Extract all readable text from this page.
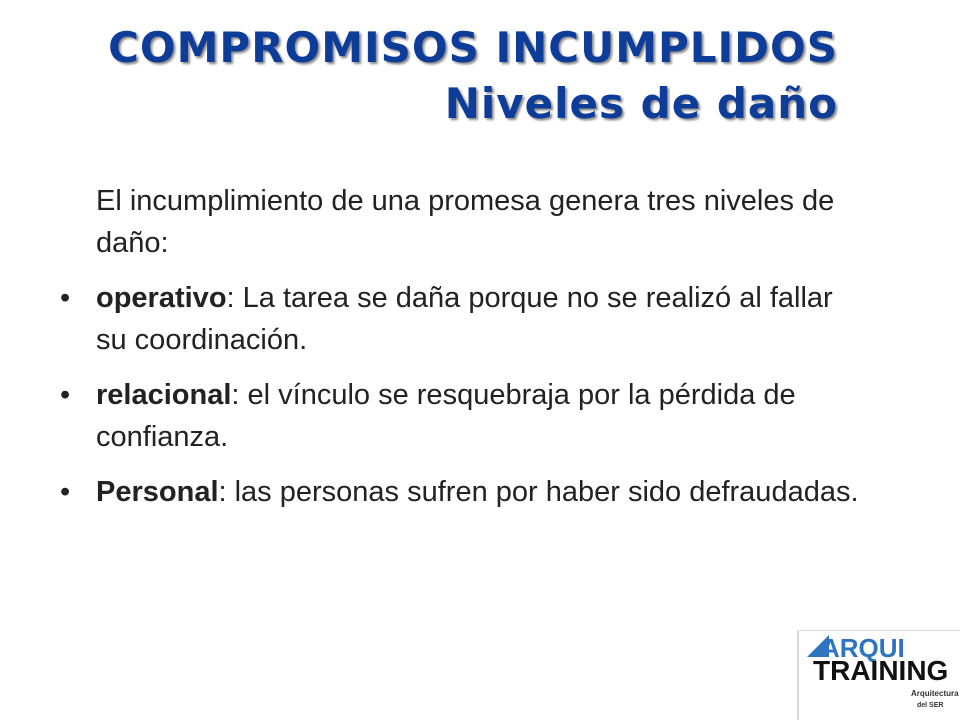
COMPROMISOS INCUMPLIDOS
Niveles de daño

El incumplimiento de una promesa genera tres niveles de daño:

• operativo: La tarea se daña porque no se realizó al fallar su coordinación.
• relacional: el vínculo se resquebraja por la pérdida de confianza.
• Personal: las personas sufren por haber sido defraudadas.
ARQUI
TRAINING
Arquitectura
del SER
